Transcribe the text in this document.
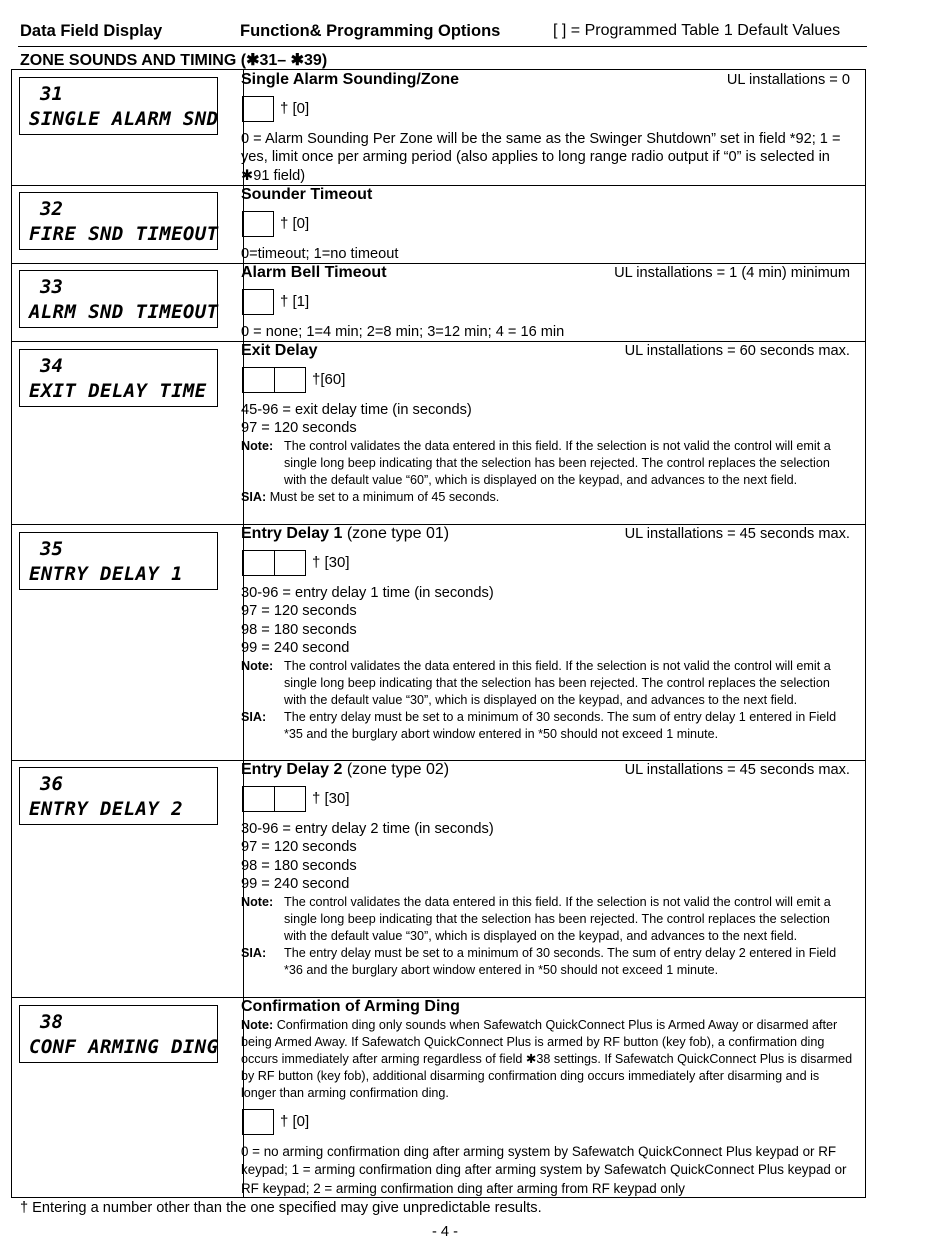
Data Field Display	Function& Programming Options	[ ] = Programmed Table 1 Default Values
ZONE SOUNDS AND TIMING (✱31– ✱39)
31
SINGLE ALARM SND
Single Alarm Sounding/Zone	UL installations = 0
† [0]
0 = Alarm Sounding Per Zone will be the same as the Swinger Shutdown” set in field *92; 1 = yes, limit once per arming period (also applies to long range radio output if “0” is selected in ✱91 field)
32
FIRE SND TIMEOUT
Sounder Timeout
† [0]
0=timeout; 1=no timeout
33
ALRM SND TIMEOUT
Alarm Bell Timeout	UL installations = 1 (4 min) minimum
† [1]
0 = none; 1=4 min; 2=8 min; 3=12 min; 4 = 16 min
34
EXIT DELAY TIME
Exit Delay	UL installations = 60 seconds max.
†[60]
45-96 = exit delay time (in seconds)
97 = 120 seconds
Note: The control validates the data entered in this field. If the selection is not valid the control will emit a single long beep indicating that the selection has been rejected. The control replaces the selection with the default value “60”, which is displayed on the keypad, and advances to the next field.
SIA: Must be set to a minimum of 45 seconds.
35
ENTRY DELAY 1
Entry Delay 1 (zone type 01)	UL installations = 45 seconds max.
† [30]
30-96 = entry delay 1 time (in seconds)
97 = 120 seconds
98 = 180 seconds
99 = 240 second
Note: The control validates the data entered in this field. If the selection is not valid the control will emit a single long beep indicating that the selection has been rejected. The control replaces the selection with the default value “30”, which is displayed on the keypad, and advances to the next field.
SIA: The entry delay must be set to a minimum of 30 seconds. The sum of entry delay 1 entered in Field *35 and the burglary abort window entered in *50 should not exceed 1 minute.
36
ENTRY DELAY 2
Entry Delay 2 (zone type 02)	UL installations = 45 seconds max.
† [30]
30-96 = entry delay 2 time (in seconds)
97 = 120 seconds
98 = 180 seconds
99 = 240 second
Note: The control validates the data entered in this field. If the selection is not valid the control will emit a single long beep indicating that the selection has been rejected. The control replaces the selection with the default value “30”, which is displayed on the keypad, and advances to the next field.
SIA: The entry delay must be set to a minimum of 30 seconds. The sum of entry delay 2 entered in Field *36 and the burglary abort window entered in *50 should not exceed 1 minute.
38
CONF ARMING DING
Confirmation of Arming Ding
Note: Confirmation ding only sounds when Safewatch QuickConnect Plus is Armed Away or disarmed after being Armed Away. If Safewatch QuickConnect Plus is armed by RF button (key fob), a confirmation ding occurs immediately after arming regardless of field ✱38 settings. If Safewatch QuickConnect Plus is disarmed by RF button (key fob), additional disarming confirmation ding occurs immediately after disarming and is longer than arming confirmation ding.
† [0]
0 = no arming confirmation ding after arming system by Safewatch QuickConnect Plus keypad or RF keypad; 1 = arming confirmation ding after arming system by Safewatch QuickConnect Plus keypad or RF keypad; 2 = arming confirmation ding after arming from RF keypad only
† Entering a number other than the one specified may give unpredictable results.
- 4 -
